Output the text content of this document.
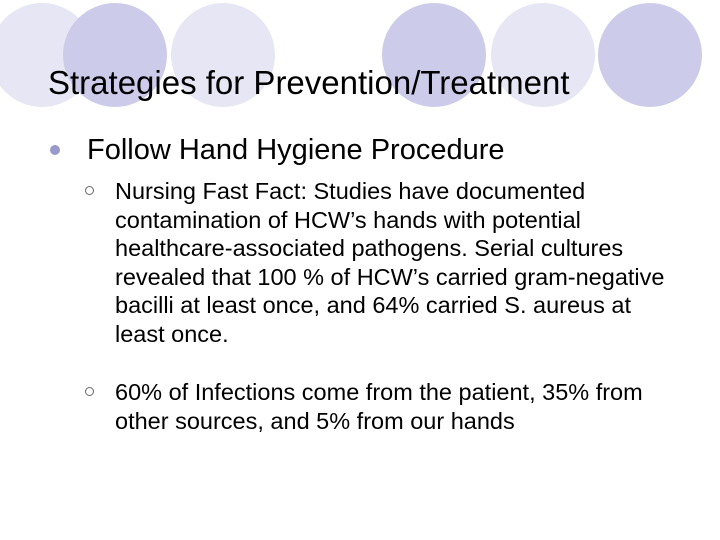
Strategies for Prevention/Treatment
Follow Hand Hygiene Procedure
Nursing Fast Fact: Studies have documented contamination of HCW’s hands with potential healthcare-associated pathogens. Serial cultures revealed that 100 % of HCW’s carried gram-negative bacilli at least once, and 64% carried S. aureus at least once.
60% of Infections come from the patient, 35% from other sources, and 5% from our hands
